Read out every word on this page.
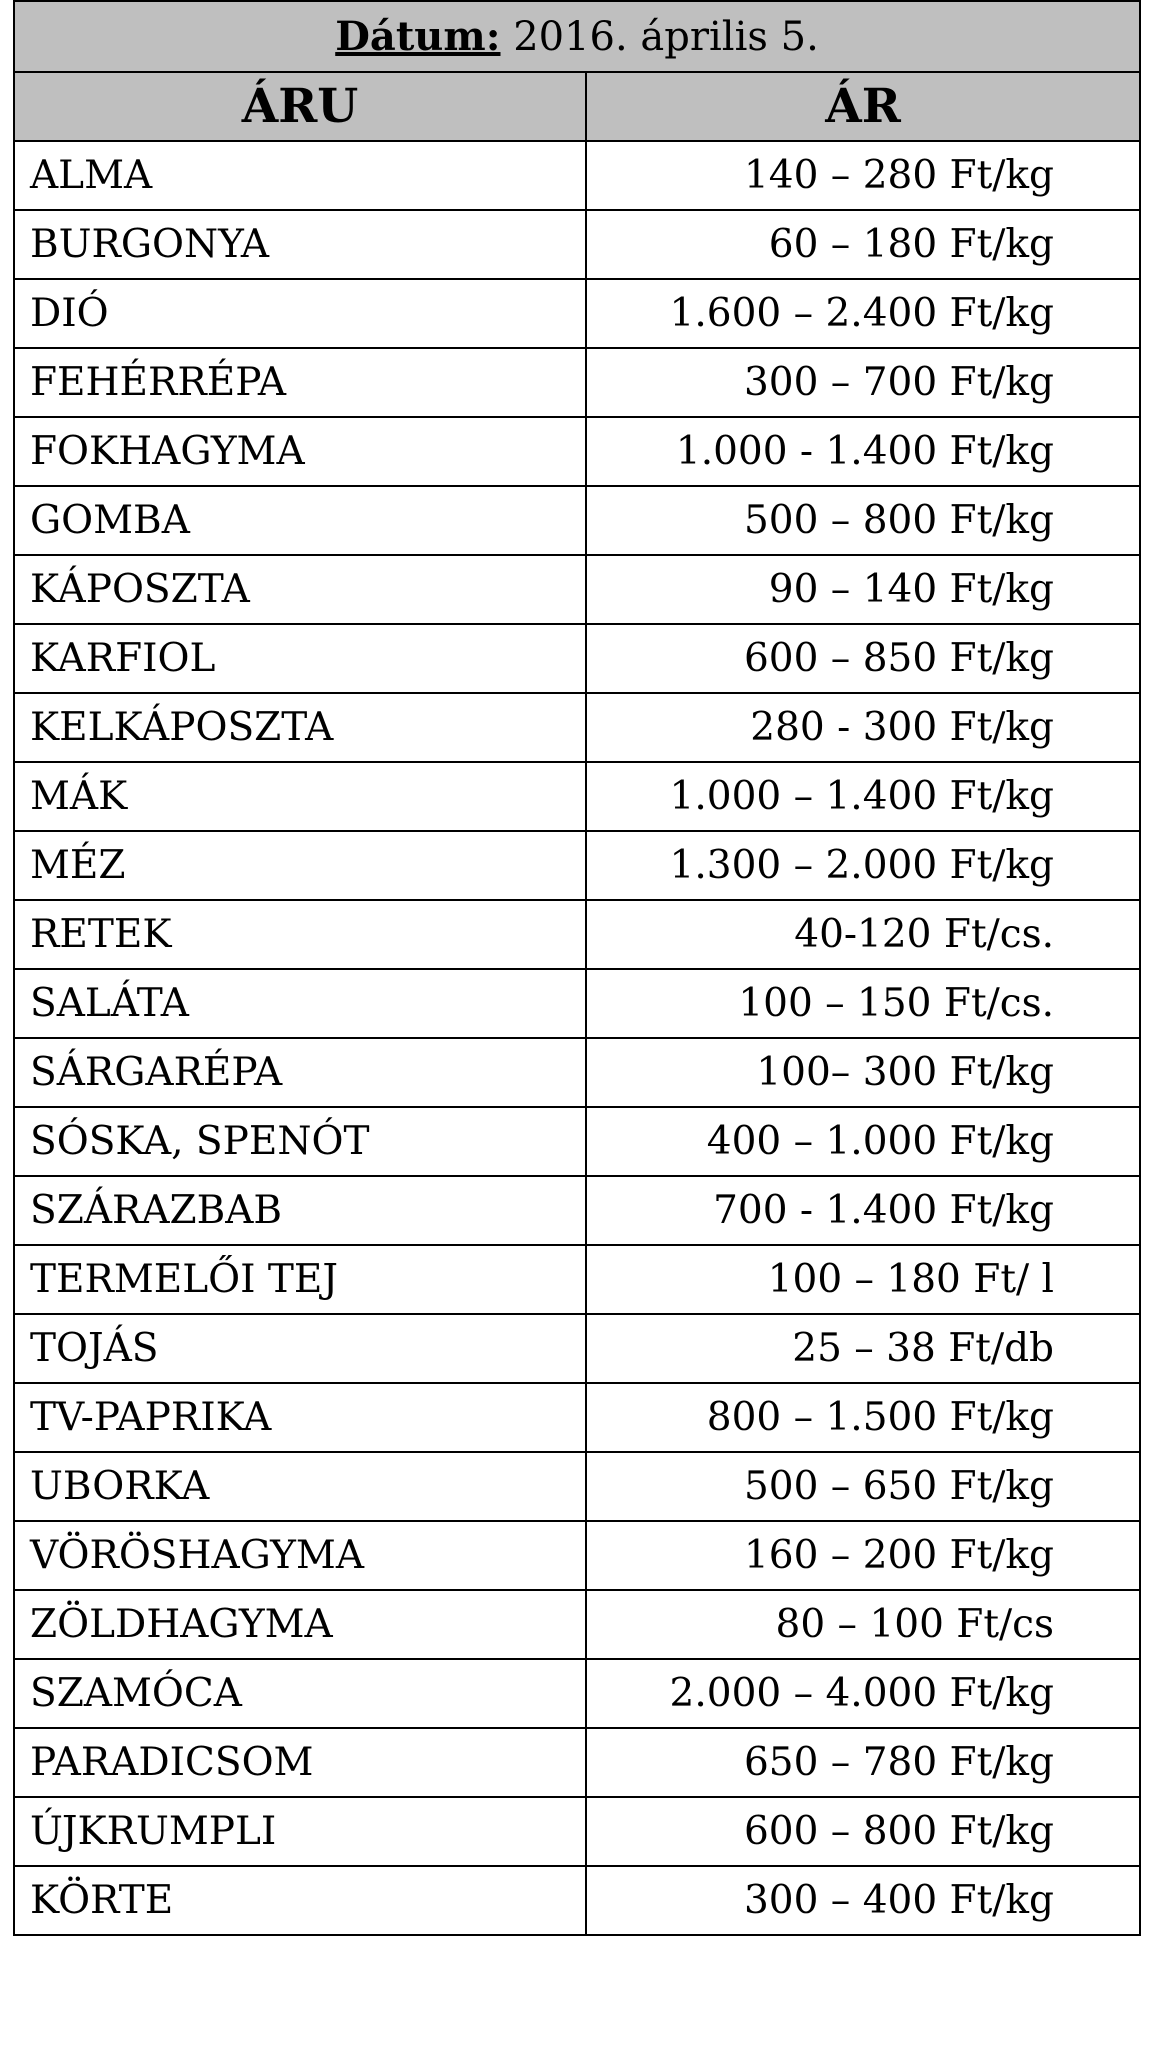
Dátum: 2016. április 5.	
ÁRU	ÁR
ALMA	140 – 280 Ft/kg
BURGONYA	60 – 180 Ft/kg
DIÓ	1.600 – 2.400 Ft/kg
FEHÉRRÉPA	300 – 700 Ft/kg
FOKHAGYMA	1.000 - 1.400 Ft/kg
GOMBA	500 – 800 Ft/kg
KÁPOSZTA	90 – 140 Ft/kg
KARFIOL	600 – 850 Ft/kg
KELKÁPOSZTA	280 - 300 Ft/kg
MÁK	1.000 – 1.400 Ft/kg
MÉZ	1.300 – 2.000 Ft/kg
RETEK	40-120 Ft/cs.
SALÁTA	100 – 150 Ft/cs.
SÁRGARÉPA	100– 300 Ft/kg
SÓSKA, SPENÓT	400 – 1.000 Ft/kg
SZÁRAZBAB	700 - 1.400 Ft/kg
TERMELŐI TEJ	100 – 180 Ft/ l
TOJÁS	25 – 38 Ft/db
TV-PAPRIKA	800 – 1.500 Ft/kg
UBORKA	500 – 650 Ft/kg
VÖRÖSHAGYMA	160 – 200 Ft/kg
ZÖLDHAGYMA	80 – 100 Ft/cs
SZAMÓCA	2.000 – 4.000 Ft/kg
PARADICSOM	650 – 780 Ft/kg
ÚJKRUMPLI	600 – 800 Ft/kg
KÖRTE	300 – 400 Ft/kg
